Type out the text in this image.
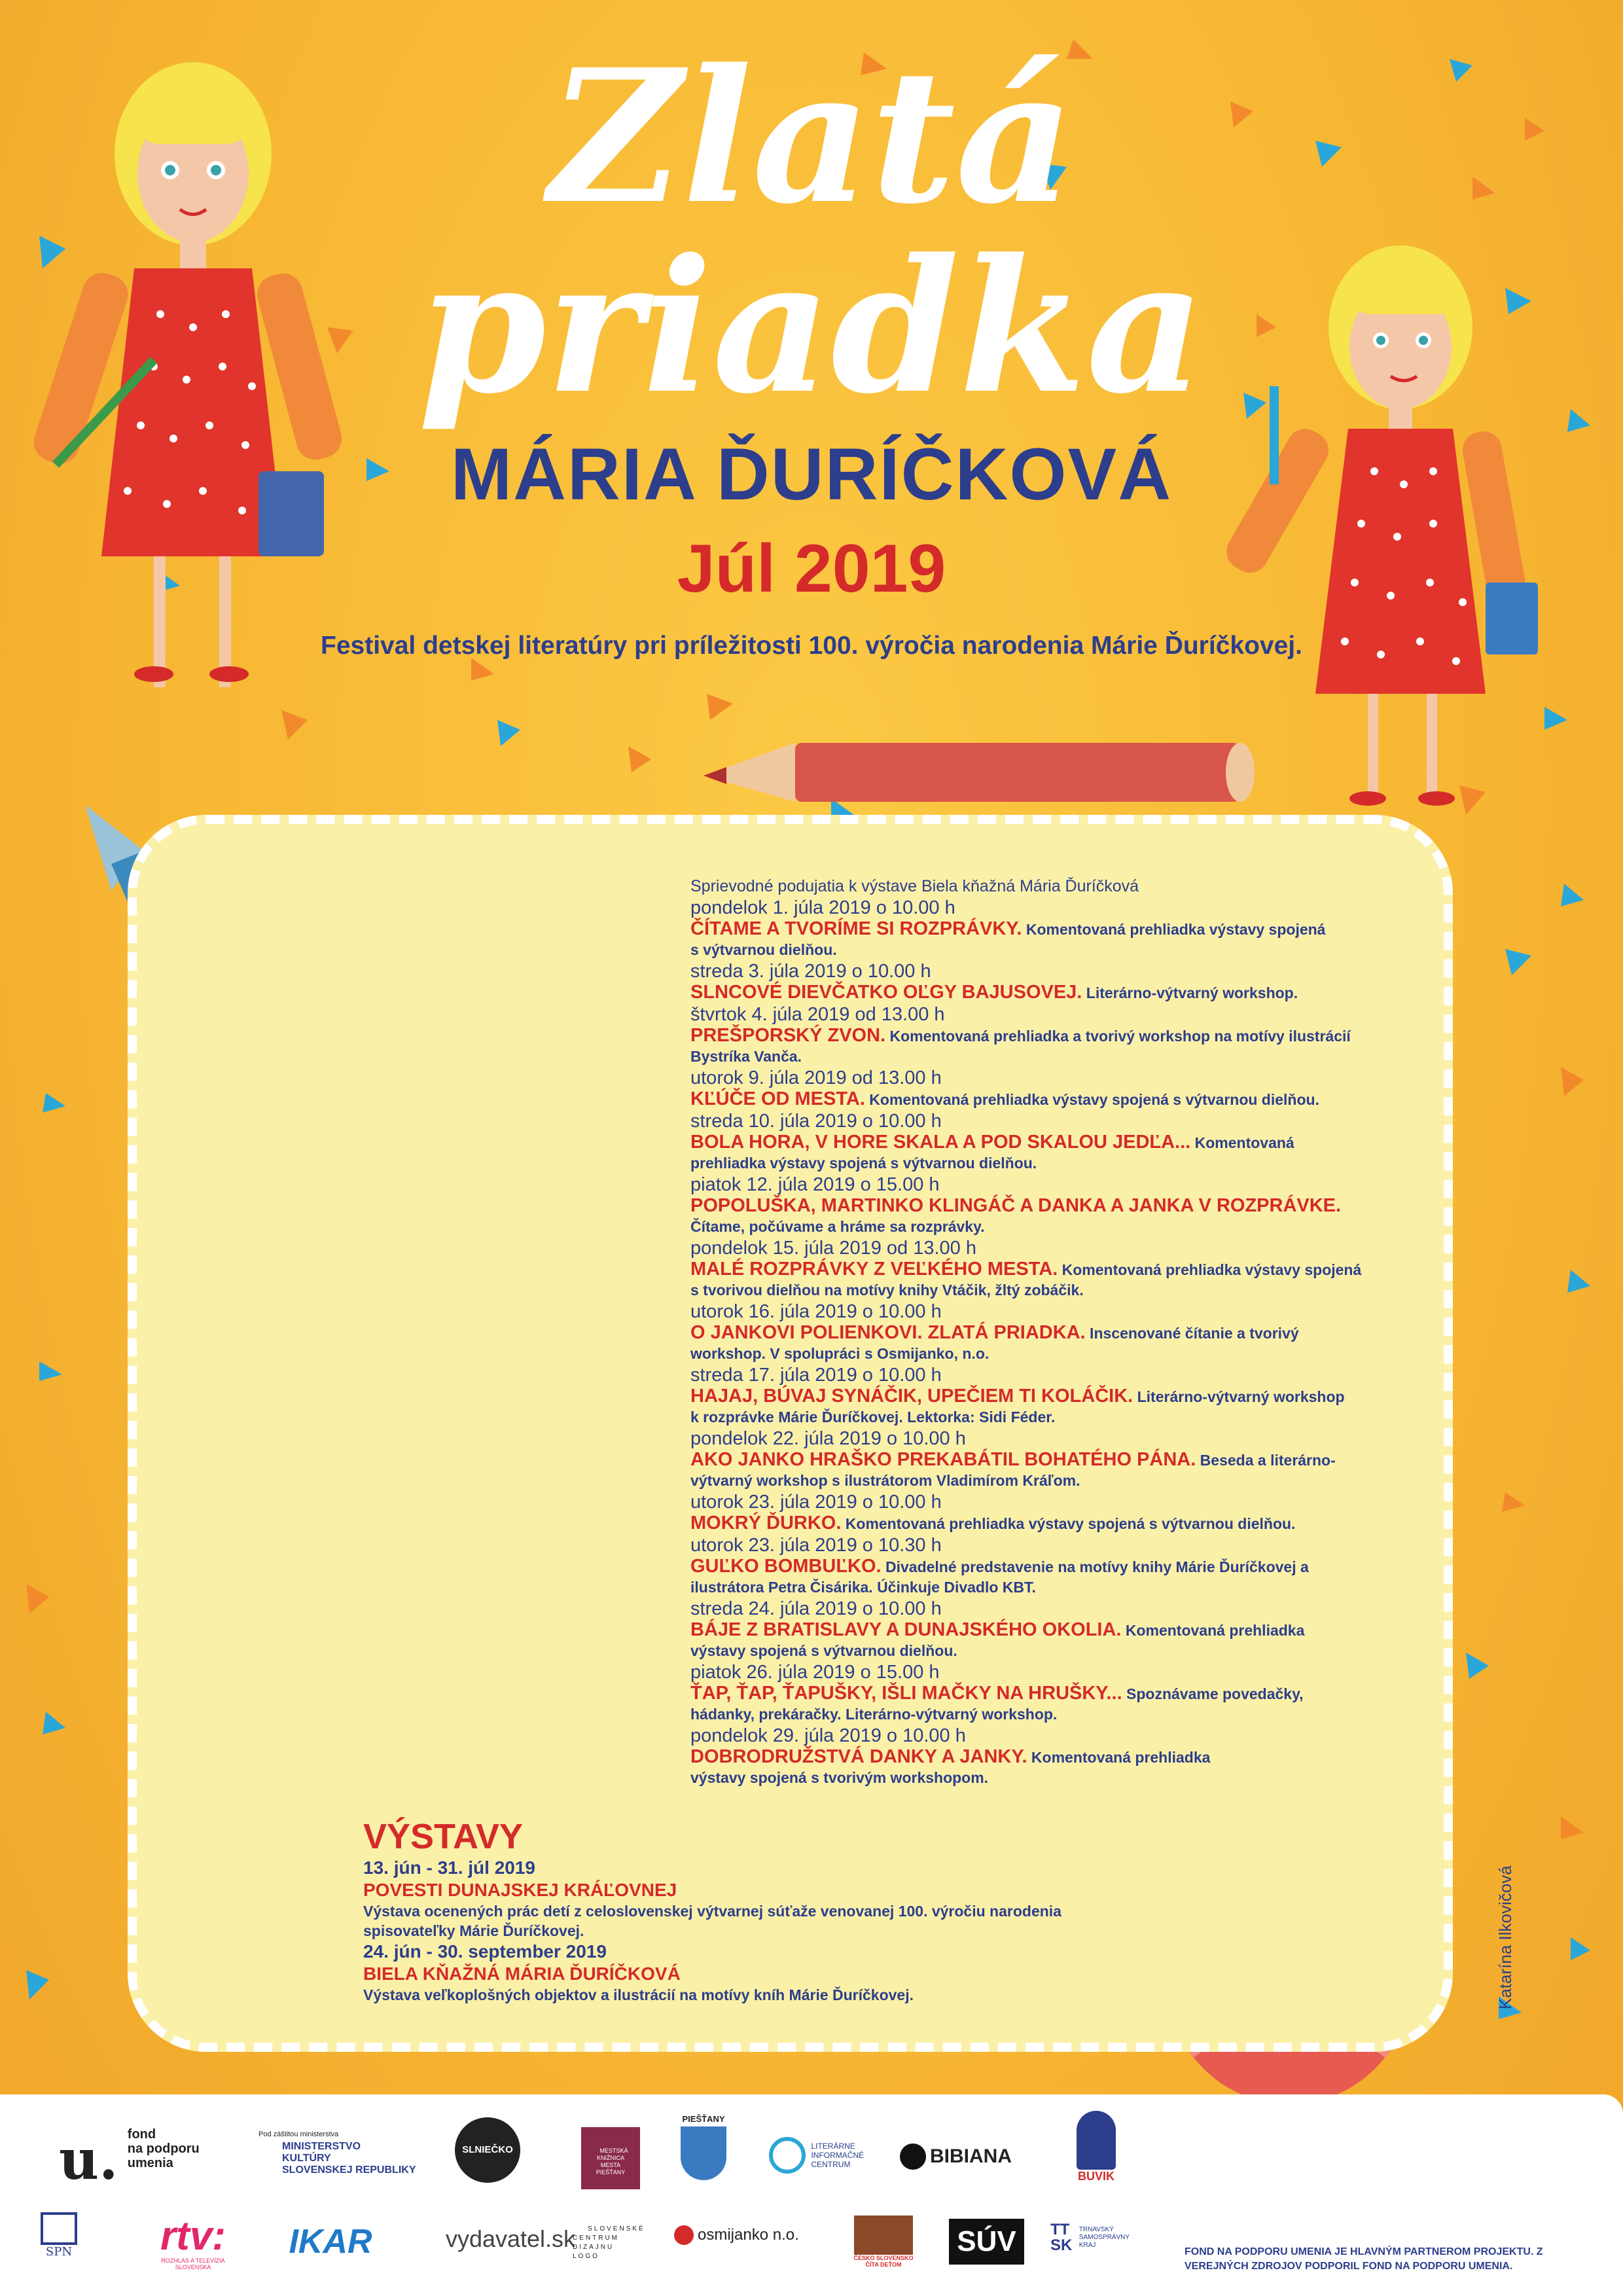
Zlatá
priadka
MÁRIA ĎURÍČKOVÁ
Júl 2019
Festival detskej literatúry pri príležitosti 100. výročia narodenia Márie Ďuríčkovej.
Sprievodné podujatia k výstave Biela kňažná Mária Ďuríčková
pondelok 1. júla 2019 o 10.00 h
ČÍTAME A TVORÍME SI ROZPRÁVKY. Komentovaná prehliadka výstavy spojená
s výtvarnou dielňou.
streda 3. júla 2019 o 10.00 h
SLNCOVÉ DIEVČATKO OĽGY BAJUSOVEJ. Literárno-výtvarný workshop.
štvrtok 4. júla 2019 od 13.00 h
PREŠPORSKÝ ZVON. Komentovaná prehliadka a tvorivý workshop na motívy ilustrácií
Bystríka Vanča.
utorok 9. júla 2019 od 13.00 h
KĽÚČE OD MESTA. Komentovaná prehliadka výstavy spojená s výtvarnou dielňou.
streda 10. júla 2019 o 10.00 h
BOLA HORA, V HORE SKALA A POD SKALOU JEDĽA... Komentovaná
prehliadka výstavy spojená s výtvarnou dielňou.
piatok 12. júla 2019 o 15.00 h
POPOLUŠKA, MARTINKO KLINGÁČ A DANKA A JANKA V ROZPRÁVKE.
Čítame, počúvame a hráme sa rozprávky.
pondelok 15. júla 2019 od 13.00 h
MALÉ ROZPRÁVKY Z VEĽKÉHO MESTA. Komentovaná prehliadka výstavy spojená
s tvorivou dielňou na motívy knihy Vtáčik, žltý zobáčik.
utorok 16. júla 2019 o 10.00 h
O JANKOVI POLIENKOVI. ZLATÁ PRIADKA. Inscenované čítanie a tvorivý
workshop. V spolupráci s Osmijanko, n.o.
streda 17. júla 2019 o 10.00 h
HAJAJ, BÚVAJ SYNÁČIK, UPEČIEM TI KOLÁČIK. Literárno-výtvarný workshop
k rozprávke Márie Ďuríčkovej. Lektorka: Sidi Féder.
pondelok 22. júla 2019 o 10.00 h
AKO JANKO HRAŠKO PREKABÁTIL BOHATÉHO PÁNA. Beseda a literárno-
výtvarný workshop s ilustrátorom Vladimírom Kráľom.
utorok 23. júla 2019 o 10.00 h
MOKRÝ ĎURKO. Komentovaná prehliadka výstavy spojená s výtvarnou dielňou.
utorok 23. júla 2019 o 10.30 h
GUĽKO BOMBUĽKO. Divadelné predstavenie na motívy knihy Márie Ďuríčkovej a
ilustrátora Petra Čisárika. Účinkuje Divadlo KBT.
streda 24. júla 2019 o 10.00 h
BÁJE Z BRATISLAVY A DUNAJSKÉHO OKOLIA. Komentovaná prehliadka
výstavy spojená s výtvarnou dielňou.
piatok 26. júla 2019 o 15.00 h
ŤAP, ŤAP, ŤAPUŠKY, IŠLI MAČKY NA HRUŠKY... Spoznávame povedačky,
hádanky, prekáračky. Literárno-výtvarný workshop.
pondelok 29. júla 2019 o 10.00 h
DOBRODRUŽSTVÁ DANKY A JANKY. Komentovaná prehliadka
výstavy spojená s tvorivým workshopom.
VÝSTAVY
13. jún - 31. júl 2019
POVESTI DUNAJSKEJ KRÁĽOVNEJ
Výstava ocenených prác detí z celoslovenskej výtvarnej súťaže venovanej 100. výročiu narodenia
spisovateľky Márie Ďuríčkovej.
24. jún - 30. september 2019
BIELA KŇAŽNÁ MÁRIA ĎURÍČKOVÁ
Výstava veľkoplošných objektov a ilustrácií na motívy kníh Márie Ďuríčkovej.	Katarína Ilkovičová
u. fond
na podporu
umenia
Pod záštitou ministerstva
MINISTERSTVO
KULTÚRY
SLOVENSKEJ REPUBLIKY
SLNIEČKO	MESTSKÁ
KNIŽNICA
MESTA
PIEŠŤANY

PIEŠŤANY
LITERÁRNE
INFORMAČNÉ
CENTRUM	BIBIANA
BUVIK
SPN	rtv:
ROZHLAS A TELEVÍZIA
SLOVENSKA
IKAR	vydavatel.sk	SLOVENSKÉ
CENTRUM
DIZAJNU
LOGO

osmijanko n.o.
ČESKO SLOVENSKO
ČÍTA DEŤOM
SÚV	TT
SK TRNAVSKÝ
SAMOSPRÁVNY
KRAJ
FOND NA PODPORU UMENIA JE HLAVNÝM PARTNEROM PROJEKTU. Z VEREJNÝCH ZDROJOV PODPORIL FOND NA PODPORU UMENIA.
